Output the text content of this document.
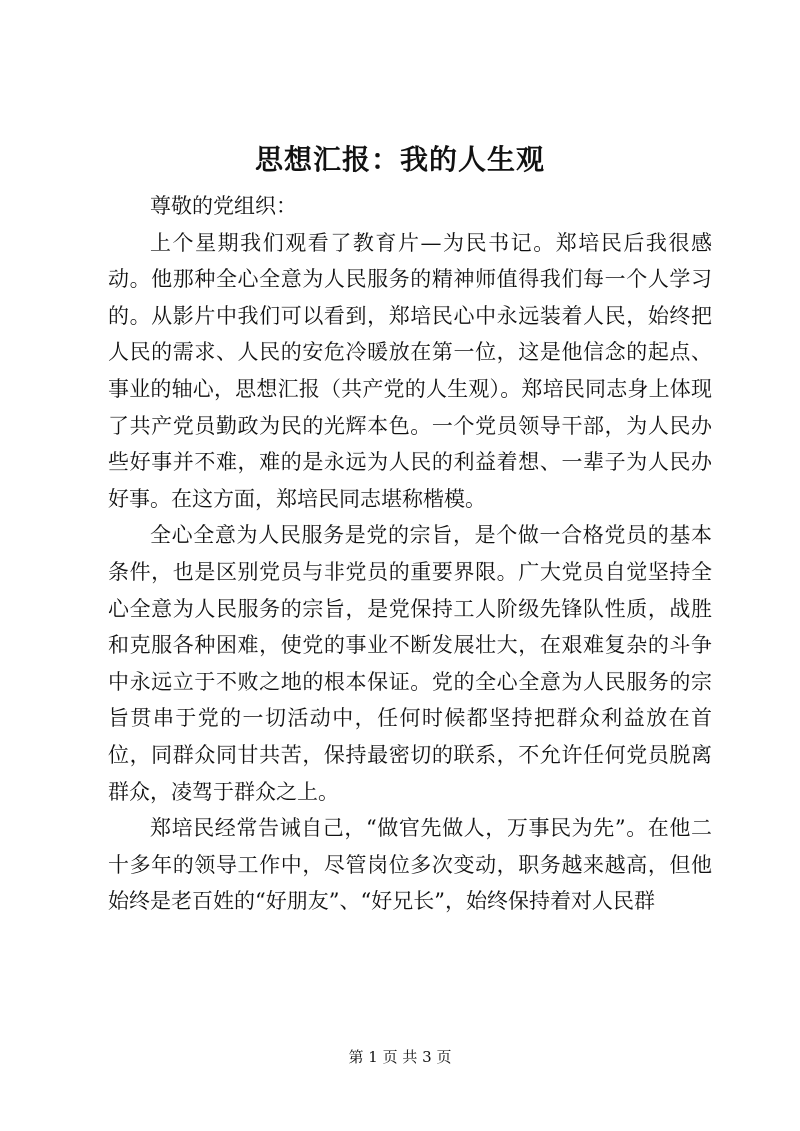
思想汇报：我的人生观

尊敬的党组织：

上个星期我们观看了教育片—为民书记。郑培民后我很感动。他那种全心全意为人民服务的精神师值得我们每一个人学习的。从影片中我们可以看到，郑培民心中永远装着人民，始终把人民的需求、人民的安危冷暖放在第一位，这是他信念的起点、事业的轴心，思想汇报（共产党的人生观）。郑培民同志身上体现了共产党员勤政为民的光辉本色。一个党员领导干部，为人民办些好事并不难，难的是永远为人民的利益着想、一辈子为人民办好事。在这方面，郑培民同志堪称楷模。

全心全意为人民服务是党的宗旨，是个做一合格党员的基本条件，也是区别党员与非党员的重要界限。广大党员自觉坚持全心全意为人民服务的宗旨，是党保持工人阶级先锋队性质，战胜和克服各种困难，使党的事业不断发展壮大，在艰难复杂的斗争中永远立于不败之地的根本保证。党的全心全意为人民服务的宗旨贯串于党的一切活动中，任何时候都坚持把群众利益放在首位，同群众同甘共苦，保持最密切的联系，不允许任何党员脱离群众，凌驾于群众之上。

郑培民经常告诫自己，“做官先做人，万事民为先”。在他二十多年的领导工作中，尽管岗位多次变动，职务越来越高，但他始终是老百姓的“好朋友”、“好兄长”，始终保持着对人民群

第 1 页 共 3 页
